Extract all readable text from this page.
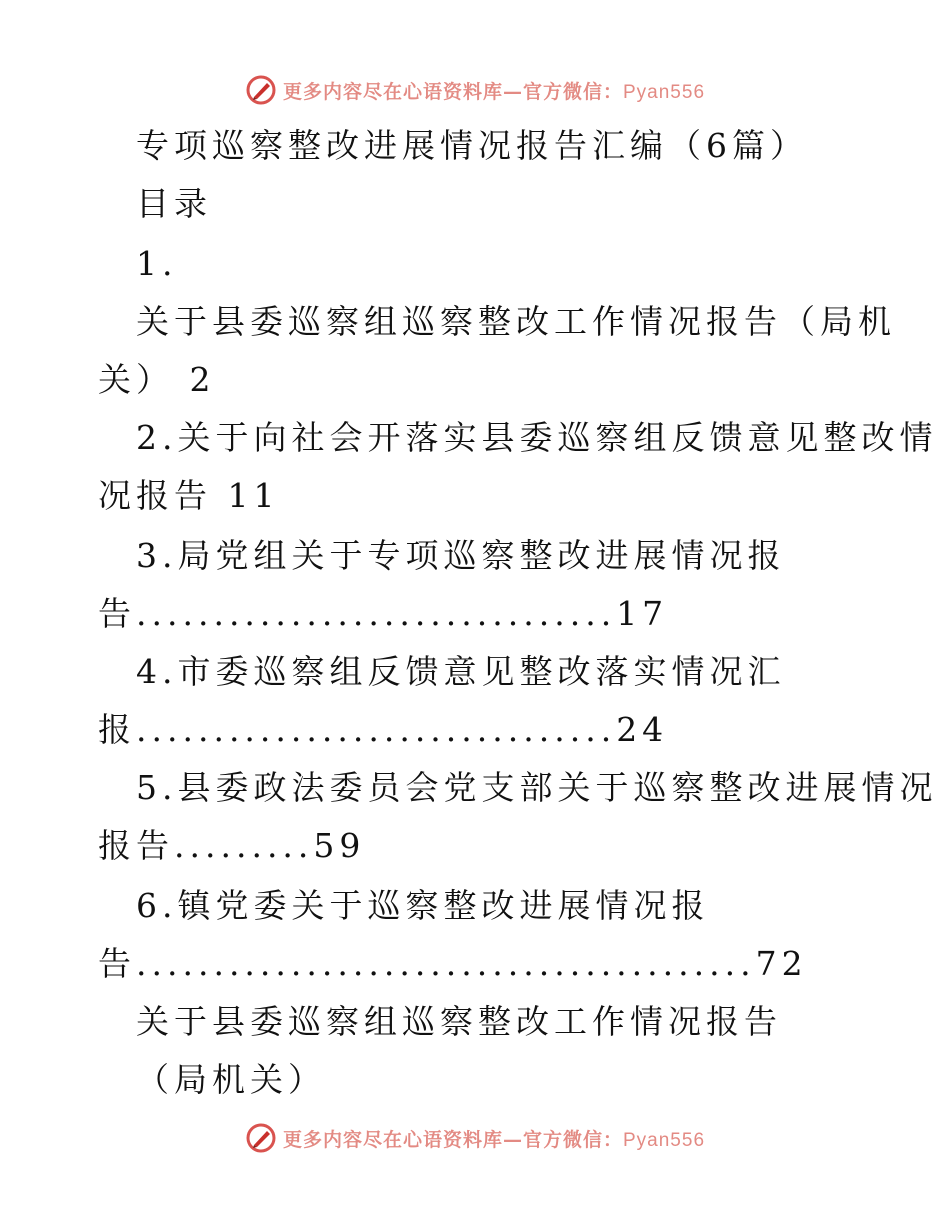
更多内容尽在心语资料库—官方微信：Pyan556
专项巡察整改进展情况报告汇编（6篇）
目录
1.
关于县委巡察组巡察整改工作情况报告（局机
关） 2
2.关于向社会开落实县委巡察组反馈意见整改情
况报告 11
3.局党组关于专项巡察整改进展情况报
告...............................17
4.市委巡察组反馈意见整改落实情况汇
报...............................24
5.县委政法委员会党支部关于巡察整改进展情况
报告.........59
6.镇党委关于巡察整改进展情况报
告........................................72
关于县委巡察组巡察整改工作情况报告
（局机关）
更多内容尽在心语资料库—官方微信：Pyan556
